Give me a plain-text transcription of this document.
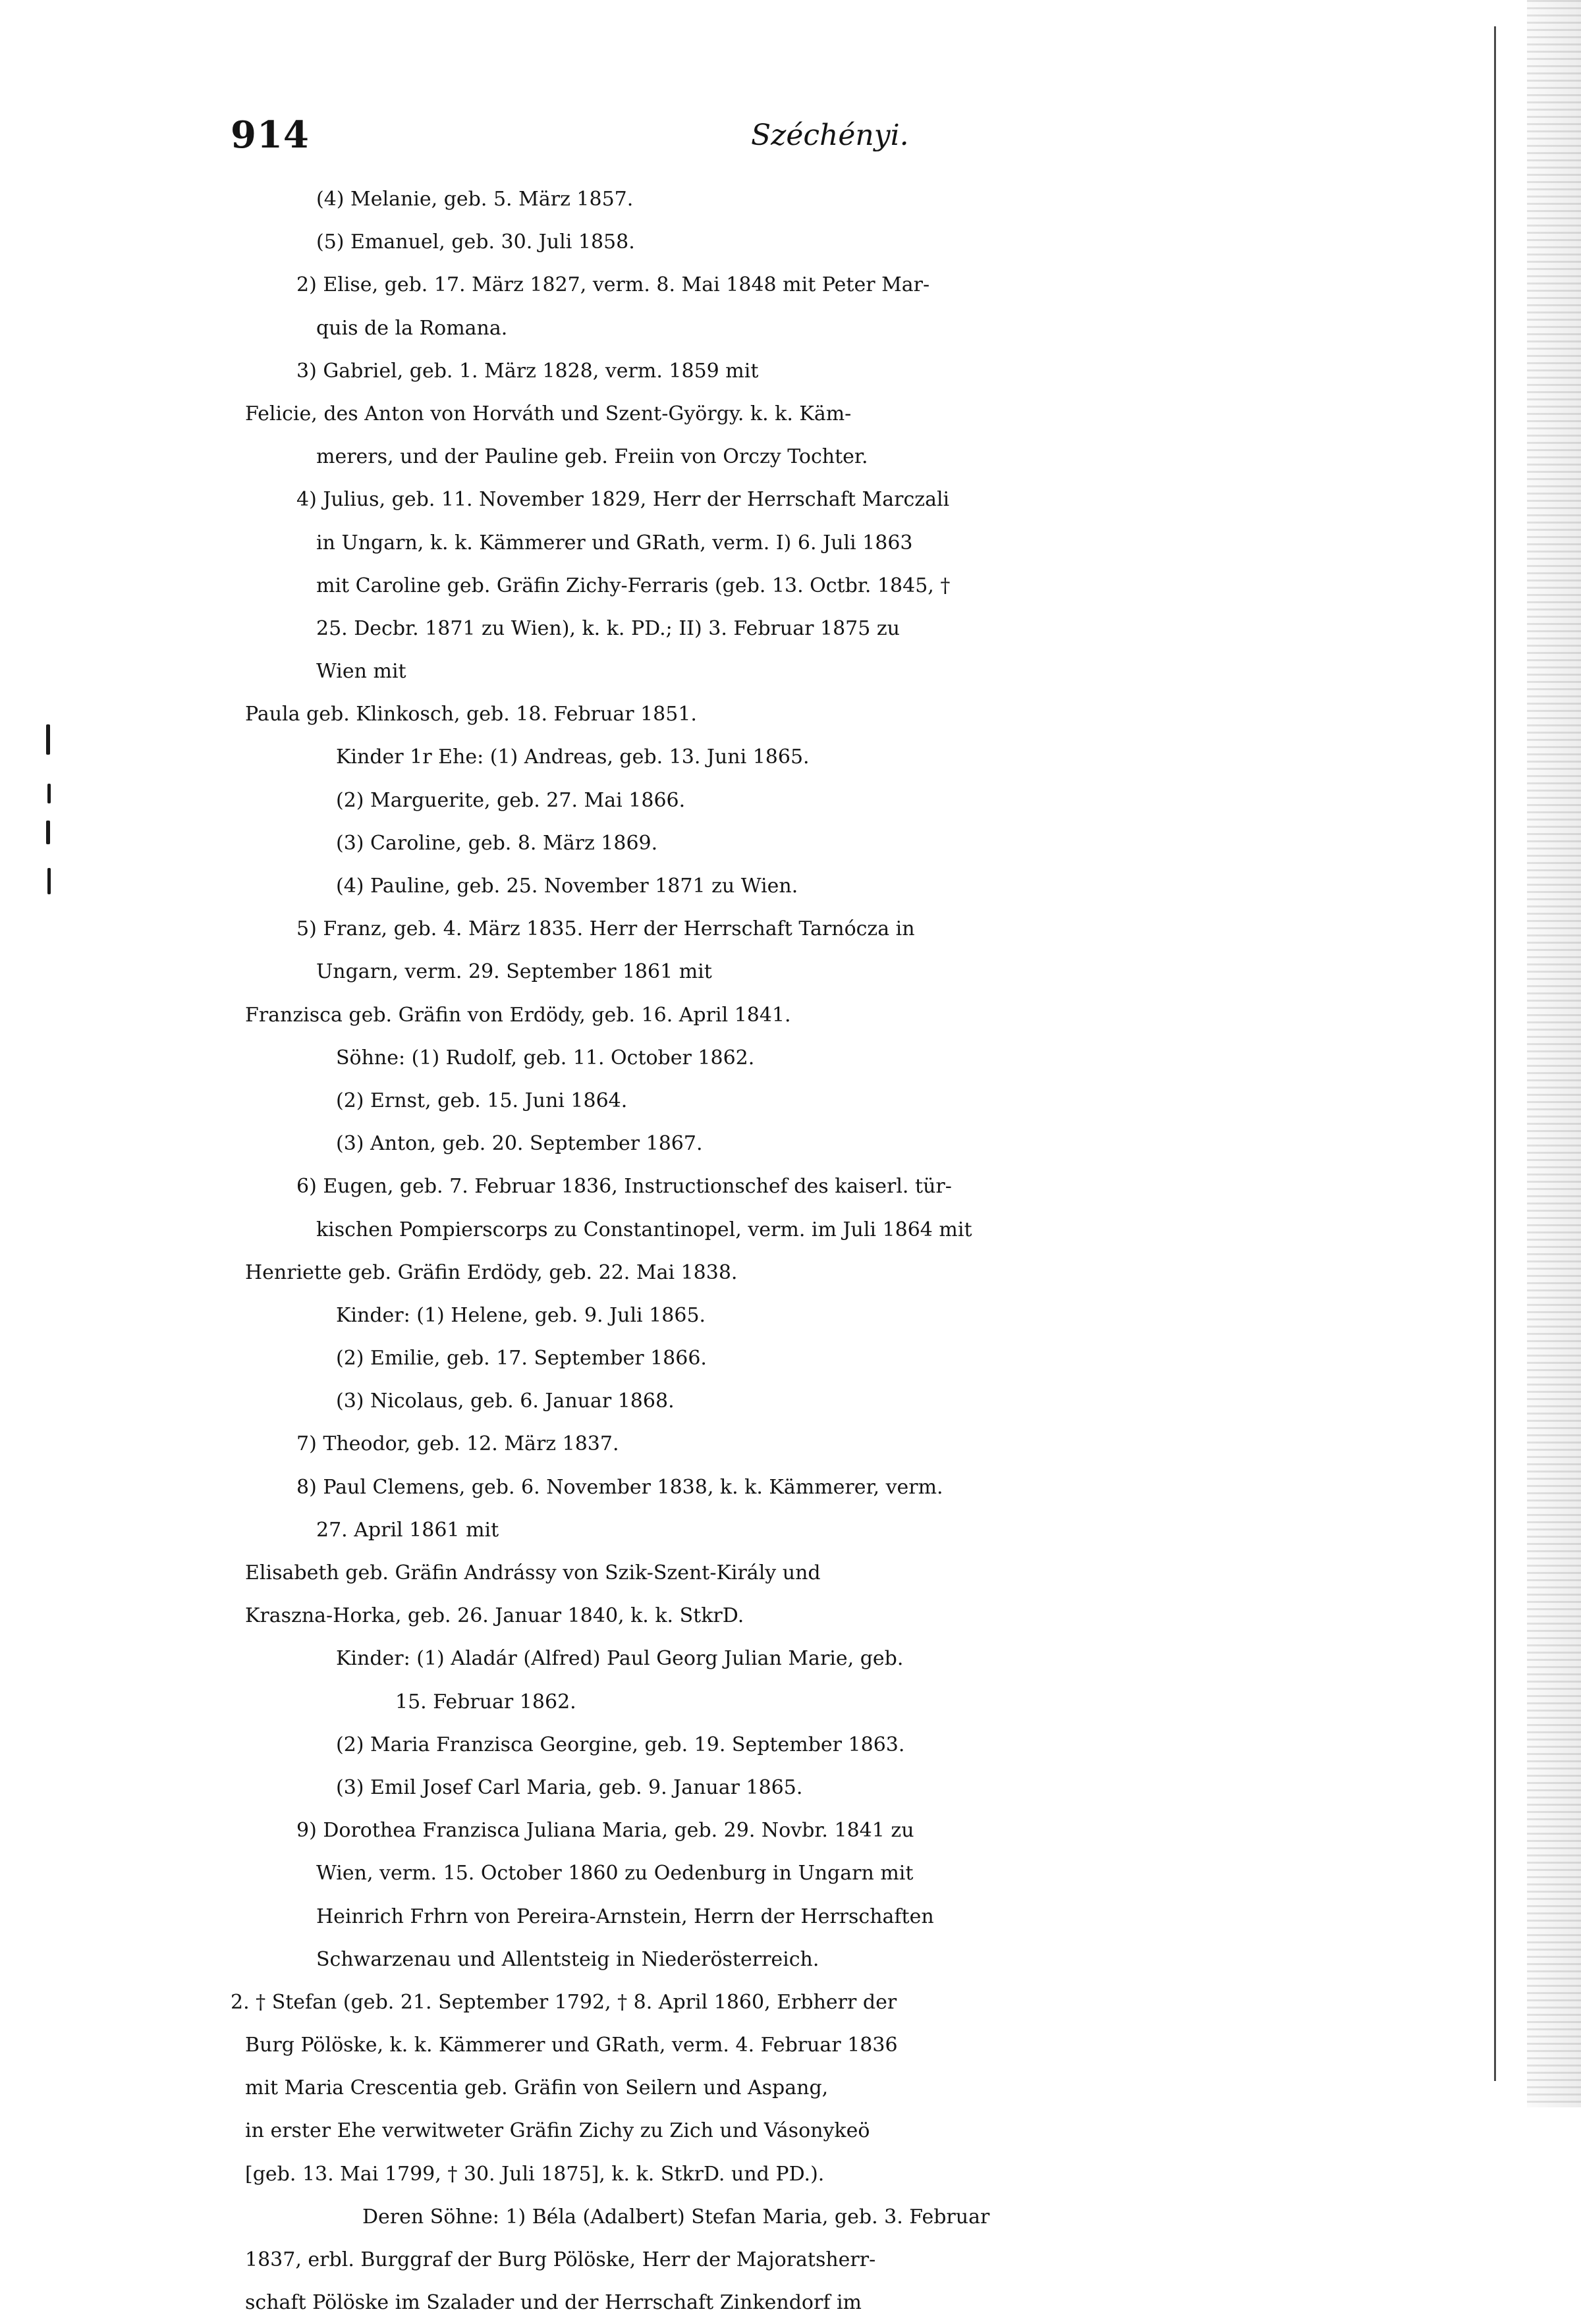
914	Széchényi.
(4) Melanie, geb. 5. März 1857.
(5) Emanuel, geb. 30. Juli 1858.
2) Elise, geb. 17. März 1827, verm. 8. Mai 1848 mit Peter Mar-
quis de la Romana.
3) Gabriel, geb. 1. März 1828, verm. 1859 mit
Felicie, des Anton von Horváth und Szent-György. k. k. Käm-
merers, und der Pauline geb. Freiin von Orczy Tochter.
4) Julius, geb. 11. November 1829, Herr der Herrschaft Marczali
in Ungarn, k. k. Kämmerer und GRath, verm. I) 6. Juli 1863
mit Caroline geb. Gräfin Zichy-Ferraris (geb. 13. Octbr. 1845, †
25. Decbr. 1871 zu Wien), k. k. PD.; II) 3. Februar 1875 zu
Wien mit
Paula geb. Klinkosch, geb. 18. Februar 1851.
Kinder 1r Ehe: (1) Andreas, geb. 13. Juni 1865.
(2) Marguerite, geb. 27. Mai 1866.
(3) Caroline, geb. 8. März 1869.
(4) Pauline, geb. 25. November 1871 zu Wien.
5) Franz, geb. 4. März 1835. Herr der Herrschaft Tarnócza in
Ungarn, verm. 29. September 1861 mit
Franzisca geb. Gräfin von Erdödy, geb. 16. April 1841.
Söhne: (1) Rudolf, geb. 11. October 1862.
(2) Ernst, geb. 15. Juni 1864.
(3) Anton, geb. 20. September 1867.
6) Eugen, geb. 7. Februar 1836, Instructionschef des kaiserl. tür-
kischen Pompierscorps zu Constantinopel, verm. im Juli 1864 mit
Henriette geb. Gräfin Erdödy, geb. 22. Mai 1838.
Kinder: (1) Helene, geb. 9. Juli 1865.
(2) Emilie, geb. 17. September 1866.
(3) Nicolaus, geb. 6. Januar 1868.
7) Theodor, geb. 12. März 1837.
8) Paul Clemens, geb. 6. November 1838, k. k. Kämmerer, verm.
27. April 1861 mit
Elisabeth geb. Gräfin Andrássy von Szik-Szent-Király und
Kraszna-Horka, geb. 26. Januar 1840, k. k. StkrD.
Kinder: (1) Aladár (Alfred) Paul Georg Julian Marie, geb.
15. Februar 1862.
(2) Maria Franzisca Georgine, geb. 19. September 1863.
(3) Emil Josef Carl Maria, geb. 9. Januar 1865.
9) Dorothea Franzisca Juliana Maria, geb. 29. Novbr. 1841 zu
Wien, verm. 15. October 1860 zu Oedenburg in Ungarn mit
Heinrich Frhrn von Pereira-Arnstein, Herrn der Herrschaften
Schwarzenau und Allentsteig in Niederösterreich.
2. † Stefan (geb. 21. September 1792, † 8. April 1860, Erbherr der
Burg Pölöske, k. k. Kämmerer und GRath, verm. 4. Februar 1836
mit Maria Crescentia geb. Gräfin von Seilern und Aspang,
in erster Ehe verwitweter Gräfin Zichy zu Zich und Vásonykeö
[geb. 13. Mai 1799, † 30. Juli 1875], k. k. StkrD. und PD.).
Deren Söhne: 1) Béla (Adalbert) Stefan Maria, geb. 3. Februar
1837, erbl. Burggraf der Burg Pölöske, Herr der Majoratsherr-
schaft Pölöske im Szalader und der Herrschaft Zinkendorf im
